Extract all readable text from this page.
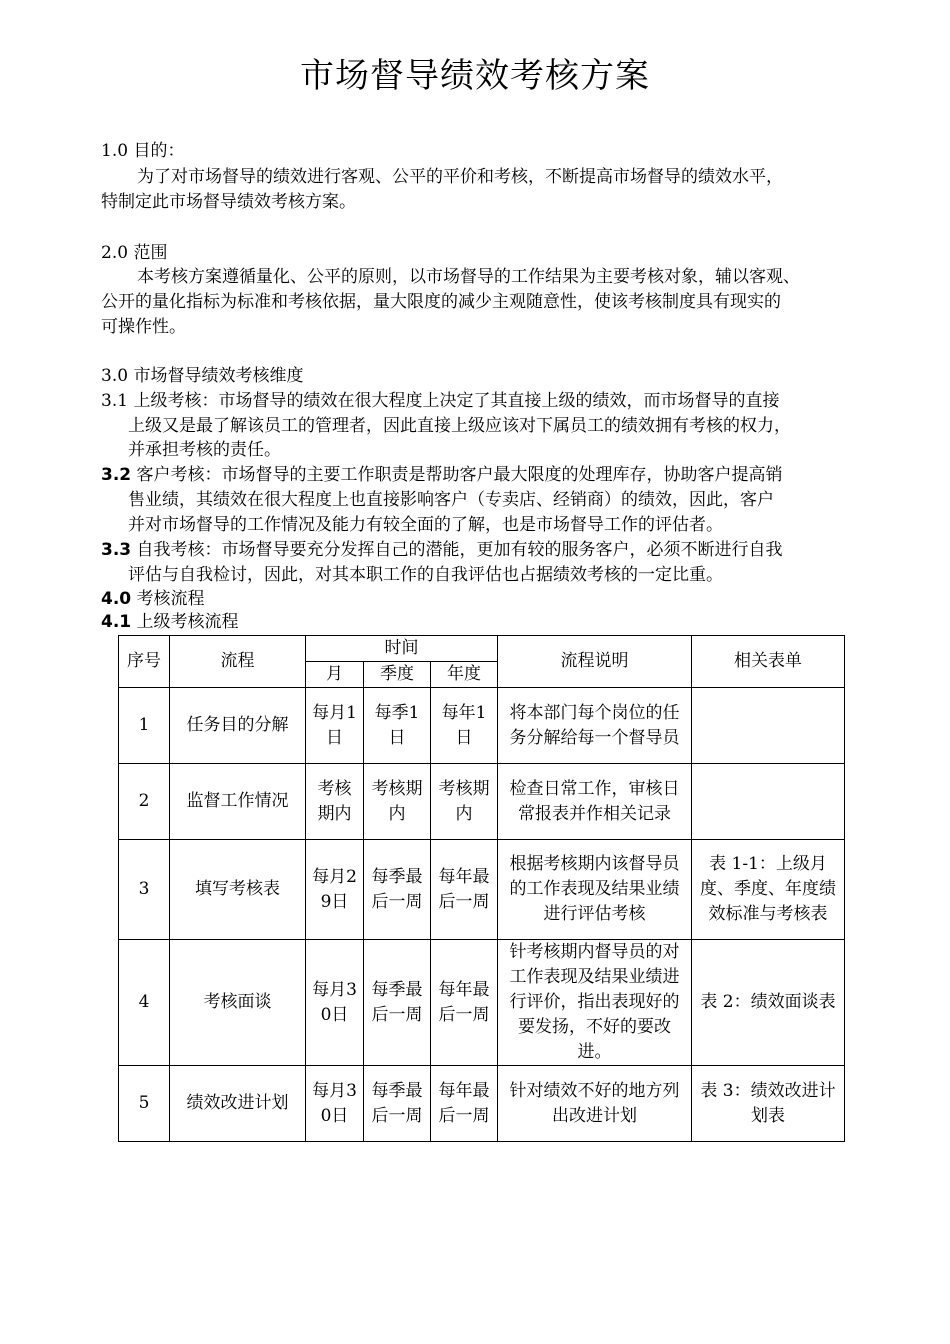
市场督导绩效考核方案
1.0 目的：
为了对市场督导的绩效进行客观、公平的平价和考核，不断提高市场督导的绩效水平，
特制定此市场督导绩效考核方案。
2.0 范围
本考核方案遵循量化、公平的原则，以市场督导的工作结果为主要考核对象，辅以客观、
公开的量化指标为标准和考核依据，量大限度的减少主观随意性，使该考核制度具有现实的
可操作性。
3.0 市场督导绩效考核维度
3.1 上级考核：市场督导的绩效在很大程度上决定了其直接上级的绩效，而市场督导的直接
上级又是最了解该员工的管理者，因此直接上级应该对下属员工的绩效拥有考核的权力，
并承担考核的责任。
3.2 客户考核：市场督导的主要工作职责是帮助客户最大限度的处理库存，协助客户提高销
售业绩，其绩效在很大程度上也直接影响客户（专卖店、经销商）的绩效，因此，客户
并对市场督导的工作情况及能力有较全面的了解，也是市场督导工作的评估者。
3.3 自我考核：市场督导要充分发挥自己的潜能，更加有较的服务客户，必须不断进行自我
评估与自我检讨，因此，对其本职工作的自我评估也占据绩效考核的一定比重。
4.0 考核流程
4.1 上级考核流程
序号	流程	时间			流程说明	相关表单
		月	季度	年度		
1	任务目的分解	每月1日	每季1日	每年1日	将本部门每个岗位的任务分解给每一个督导员	
2	监督工作情况	考核期内	考核期内	考核期内	检查日常工作，审核日常报表并作相关记录	
3	填写考核表	每月29日	每季最后一周	每年最后一周	根据考核期内该督导员的工作表现及结果业绩进行评估考核	表 1-1：上级月度、季度、年度绩效标准与考核表
4	考核面谈	每月30日	每季最后一周	每年最后一周	针考核期内督导员的对工作表现及结果业绩进行评价，指出表现好的要发扬，不好的要改进。	表 2：绩效面谈表
5	绩效改进计划	每月30日	每季最后一周	每年最后一周	针对绩效不好的地方列出改进计划	表 3：绩效改进计划表
